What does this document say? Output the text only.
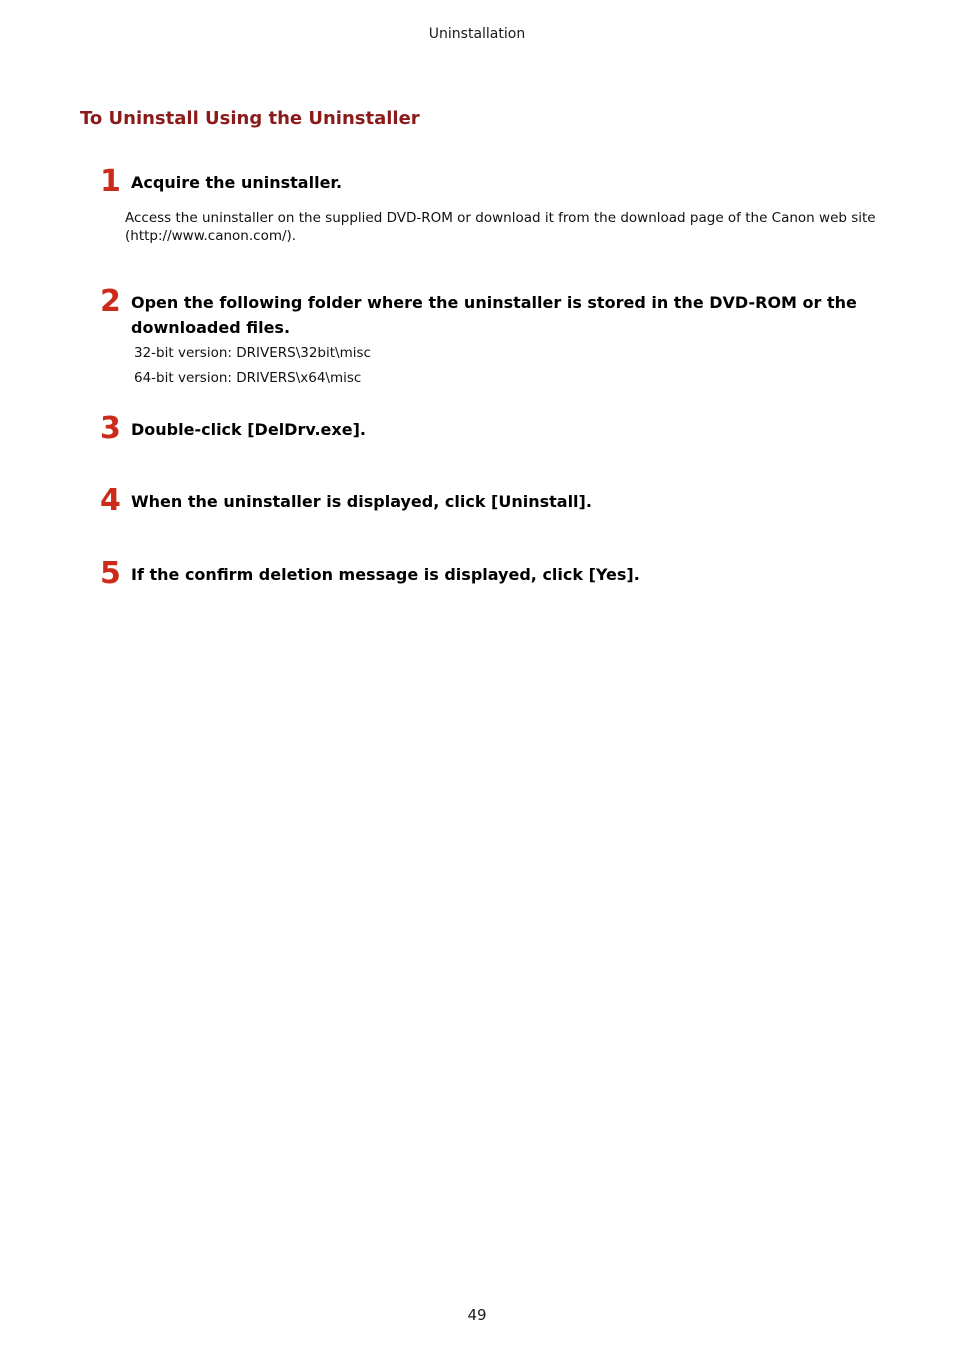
Uninstallation
To Uninstall Using the Uninstaller
1 Acquire the uninstaller.
Access the uninstaller on the supplied DVD-ROM or download it from the download page of the Canon web site (http://www.canon.com/).
2 Open the following folder where the uninstaller is stored in the DVD-ROM or the downloaded files.
32-bit version: DRIVERS\32bit\misc
64-bit version: DRIVERS\x64\misc
3 Double-click [DelDrv.exe].
4 When the uninstaller is displayed, click [Uninstall].
5 If the confirm deletion message is displayed, click [Yes].
49
